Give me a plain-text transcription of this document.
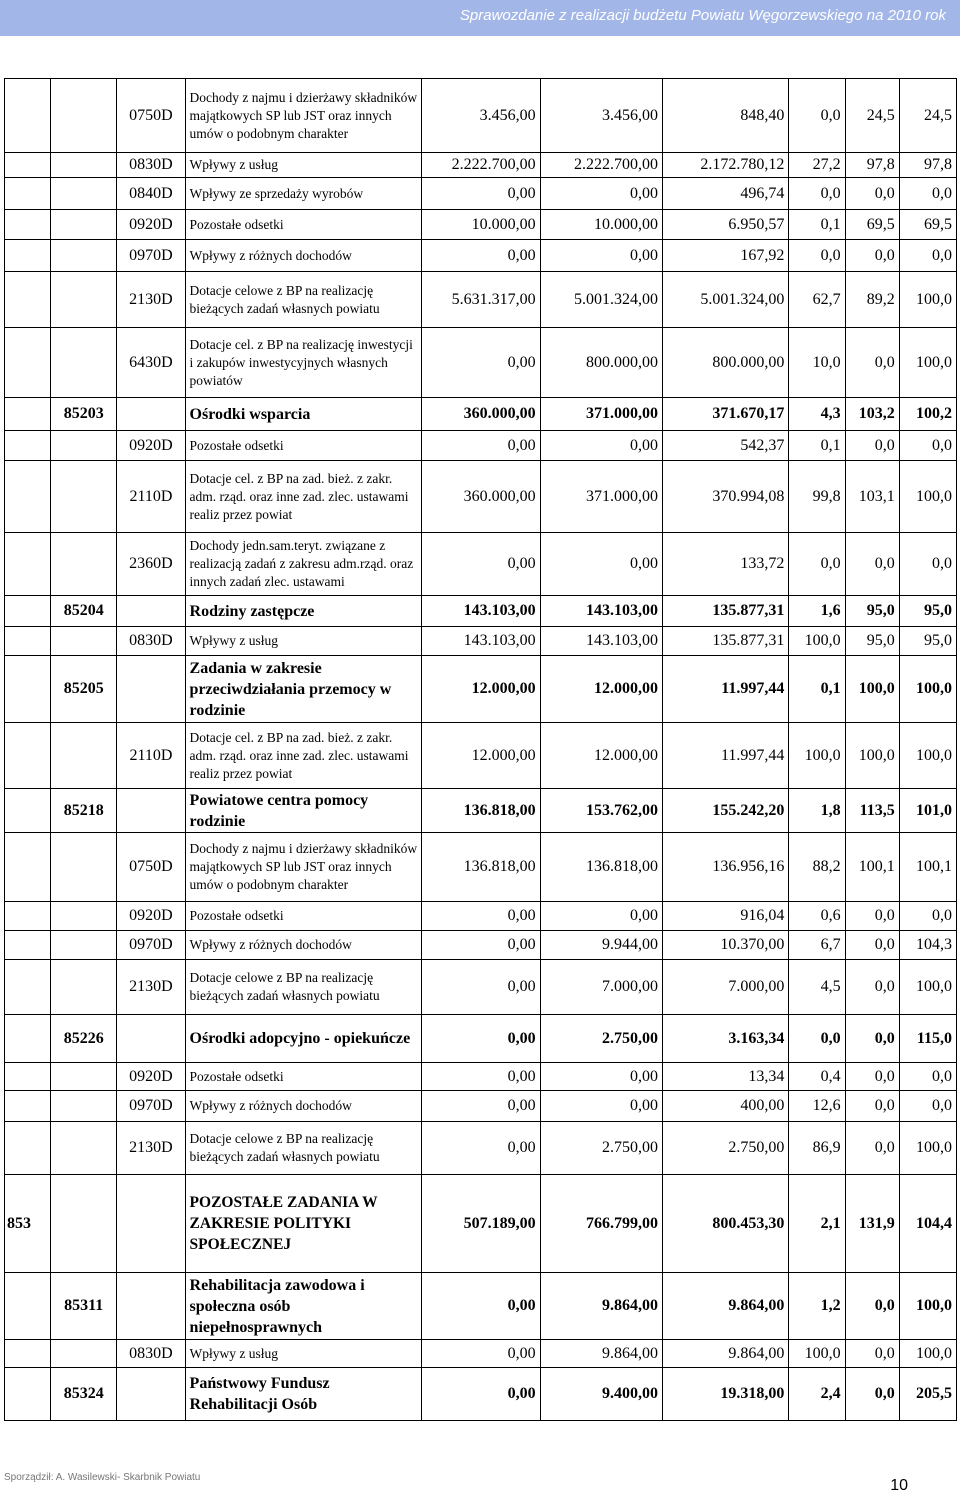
Sprawozdanie z realizacji budżetu Powiatu Węgorzewskiego na 2010 rok
		0750D	Dochody z najmu i dzierżawy składników majątkowych SP lub JST oraz innych umów o podobnym charakter	3.456,00	3.456,00	848,40	0,0	24,5	24,5
		0830D	Wpływy z usług	2.222.700,00	2.222.700,00	2.172.780,12	27,2	97,8	97,8
		0840D	Wpływy ze sprzedaży wyrobów	0,00	0,00	496,74	0,0	0,0	0,0
		0920D	Pozostałe odsetki	10.000,00	10.000,00	6.950,57	0,1	69,5	69,5
		0970D	Wpływy z różnych dochodów	0,00	0,00	167,92	0,0	0,0	0,0
		2130D	Dotacje celowe z BP na realizację bieżących zadań własnych powiatu	5.631.317,00	5.001.324,00	5.001.324,00	62,7	89,2	100,0
		6430D	Dotacje cel. z BP na realizację inwestycji i zakupów inwestycyjnych własnych powiatów	0,00	800.000,00	800.000,00	10,0	0,0	100,0
	85203		Ośrodki wsparcia	360.000,00	371.000,00	371.670,17	4,3	103,2	100,2
		0920D	Pozostałe odsetki	0,00	0,00	542,37	0,1	0,0	0,0
		2110D	Dotacje cel. z BP na zad. bież. z zakr. adm. rząd. oraz inne zad. zlec. ustawami realiz przez powiat	360.000,00	371.000,00	370.994,08	99,8	103,1	100,0
		2360D	Dochody jedn.sam.teryt. związane z realizacją zadań z zakresu adm.rząd. oraz innych zadań zlec. ustawami	0,00	0,00	133,72	0,0	0,0	0,0
	85204		Rodziny zastępcze	143.103,00	143.103,00	135.877,31	1,6	95,0	95,0
		0830D	Wpływy z usług	143.103,00	143.103,00	135.877,31	100,0	95,0	95,0
	85205		Zadania w zakresie przeciwdziałania przemocy w rodzinie	12.000,00	12.000,00	11.997,44	0,1	100,0	100,0
		2110D	Dotacje cel. z BP na zad. bież. z zakr. adm. rząd. oraz inne zad. zlec. ustawami realiz przez powiat	12.000,00	12.000,00	11.997,44	100,0	100,0	100,0
	85218		Powiatowe centra pomocy rodzinie	136.818,00	153.762,00	155.242,20	1,8	113,5	101,0
		0750D	Dochody z najmu i dzierżawy składników majątkowych SP lub JST oraz innych umów o podobnym charakter	136.818,00	136.818,00	136.956,16	88,2	100,1	100,1
		0920D	Pozostałe odsetki	0,00	0,00	916,04	0,6	0,0	0,0
		0970D	Wpływy z różnych dochodów	0,00	9.944,00	10.370,00	6,7	0,0	104,3
		2130D	Dotacje celowe z BP na realizację bieżących zadań własnych powiatu	0,00	7.000,00	7.000,00	4,5	0,0	100,0
	85226		Ośrodki adopcyjno - opiekuńcze	0,00	2.750,00	3.163,34	0,0	0,0	115,0
		0920D	Pozostałe odsetki	0,00	0,00	13,34	0,4	0,0	0,0
		0970D	Wpływy z różnych dochodów	0,00	0,00	400,00	12,6	0,0	0,0
		2130D	Dotacje celowe z BP na realizację bieżących zadań własnych powiatu	0,00	2.750,00	2.750,00	86,9	0,0	100,0
853			POZOSTAŁE ZADANIA W ZAKRESIE POLITYKI SPOŁECZNEJ	507.189,00	766.799,00	800.453,30	2,1	131,9	104,4
	85311		Rehabilitacja zawodowa i społeczna osób niepełnosprawnych	0,00	9.864,00	9.864,00	1,2	0,0	100,0
		0830D	Wpływy z usług	0,00	9.864,00	9.864,00	100,0	0,0	100,0
	85324		Państwowy Fundusz Rehabilitacji Osób	0,00	9.400,00	19.318,00	2,4	0,0	205,5
Sporządził: A. Wasilewski- Skarbnik Powiatu	10
